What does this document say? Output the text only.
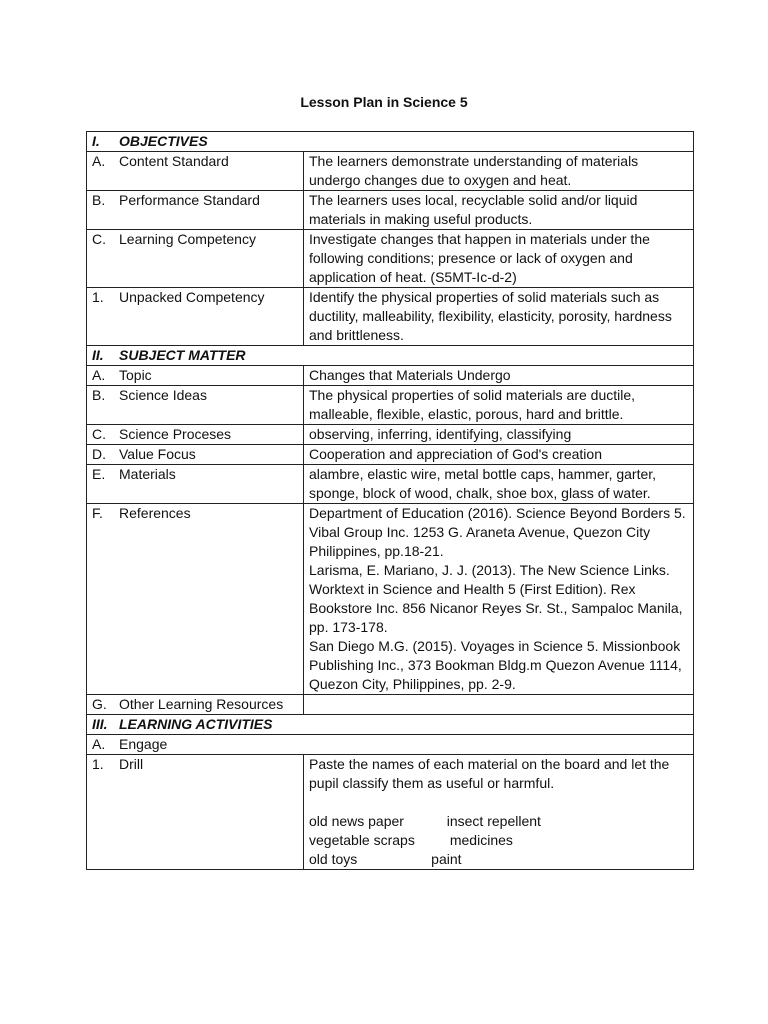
Lesson Plan in Science 5
I. OBJECTIVES	
A. Content Standard	The learners demonstrate understanding of materials undergo changes due to oxygen and heat.
B. Performance Standard	The learners uses local, recyclable solid and/or liquid materials in making useful products.
C. Learning Competency	Investigate changes that happen in materials under the following conditions; presence or lack of oxygen and application of heat. (S5MT-Ic-d-2)
1. Unpacked Competency	Identify the physical properties of solid materials such as ductility, malleability, flexibility, elasticity, porosity, hardness and brittleness.
II. SUBJECT MATTER	
A. Topic	Changes that Materials Undergo
B. Science Ideas	The physical properties of solid materials are ductile, malleable, flexible, elastic, porous, hard and brittle.
C. Science Proceses	observing, inferring, identifying, classifying
D. Value Focus	Cooperation and appreciation of God's creation
E. Materials	alambre, elastic wire, metal bottle caps, hammer, garter, sponge, block of wood, chalk, shoe box, glass of water.
F. References	Department of Education (2016). Science Beyond Borders 5. Vibal Group Inc. 1253 G. Araneta Avenue, Quezon City Philippines, pp.18-21.
Larisma, E. Mariano, J. J. (2013). The New Science Links. Worktext in Science and Health 5 (First Edition). Rex Bookstore Inc. 856 Nicanor Reyes Sr. St., Sampaloc Manila, pp. 173-178.
San Diego M.G. (2015). Voyages in Science 5. Missionbook Publishing Inc., 373 Bookman Bldg.m Quezon Avenue 1114, Quezon City, Philippines, pp. 2-9.

G. Other Learning Resources	
III. LEARNING ACTIVITIES	
A. Engage	
1. Drill	Paste the names of each material on the board and let the pupil classify them as useful or harmful.
old news paper insect repellent
vegetable scraps medicines
old toys paint
